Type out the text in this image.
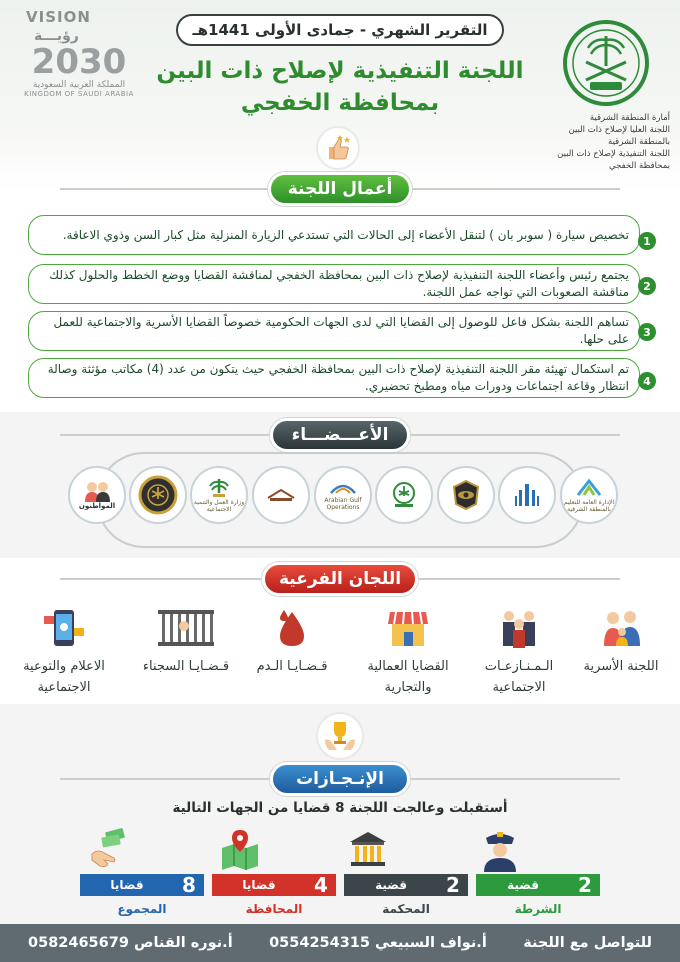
التقرير الشهري - جمادى الأولى 1441هـ
اللجنة التنفيذية لإصلاح ذات البين
بمحافظة الخفجي
أمارة المنطقة الشرقية
اللجنة العليا لإصلاح ذات البين
بالمنطقة الشرقية
اللجنة التنفيذية لإصلاح ذات البين
بمحافظة الخفجي
VISION رؤيـــة
2030
المملكة العربية السعودية
KINGDOM OF SAUDI ARABIA
أعمال اللجنة
تخصيص سيارة ( سوبر بان ) لتنقل الأعضاء إلى الحالات التي تستدعي الزيارة المنزلية مثل كبار السن وذوي الاعاقة.	1
يجتمع رئيس وأعضاء اللجنة التنفيذية لإصلاح ذات البين بمحافظة الخفجي لمناقشة القضايا ووضع الخطط والحلول كذلك مناقشة الصعوبات التي تواجه عمل اللجنة.	2
تساهم اللجنة بشكل فاعل للوصول إلى القضايا التي لدى الجهات الحكومية خصوصاً القضايا الأسرية والاجتماعية للعمل على حلها.	3
تم استكمال تهيئة مقر اللجنة التنفيذية لإصلاح ذات البين بمحافظة الخفجي حيث يتكون من عدد (4) مكاتب مؤثثة وصالة انتظار وقاعة اجتماعات ودورات مياه ومطبخ تحضيري.	4
الأعـــضـــاء
الإدارة العامة للتعليم بالمنطقة الشرقية
Arabian Gulf Operations
وزارة العمل والتنمية الاجتماعية
المواطنون
اللجان الفرعية
اللجنة الأسرية
الـمـنـازعـات الاجتماعية
القضايا العمالية والتجارية
قـضـايـا الـدم
قـضـايـا السجناء
الاعلام والتوعية الاجتماعية
الإنـجـازات
أستقبلت وعالجت اللجنة 8 قضايا من الجهات التالية
2
قضية
الشرطة
2
قضية
المحكمة
4
قضايا
المحافظة
8
قضايا
المجموع
للتواصل مع اللجنة
أ.نواف السبيعي 0554254315
أ.نوره القناص 0582465679
